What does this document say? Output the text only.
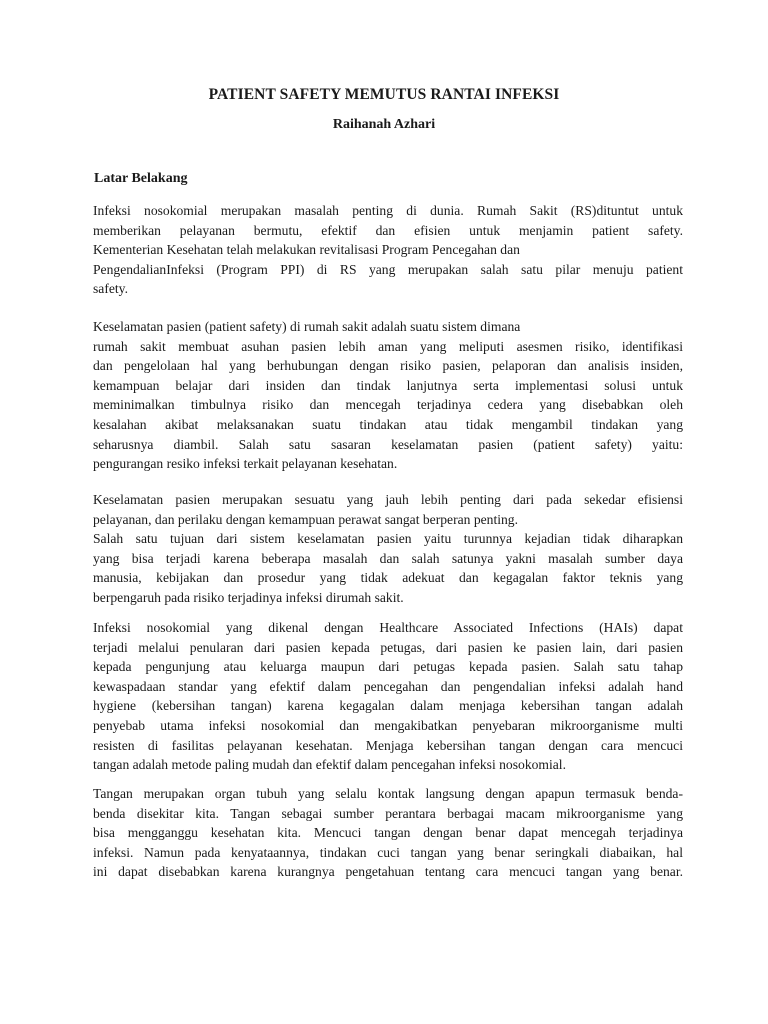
PATIENT SAFETY MEMUTUS RANTAI INFEKSI

Raihanah Azhari

Latar Belakang
Infeksi nosokomial merupakan masalah penting di dunia. Rumah Sakit (RS)dituntut untuk
memberikan pelayanan bermutu, efektif dan efisien untuk menjamin patient safety.
Kementerian Kesehatan telah melakukan revitalisasi Program Pencegahan dan
PengendalianInfeksi (Program PPI) di RS yang merupakan salah satu pilar menuju patient
safety.
Keselamatan pasien (patient safety) di rumah sakit adalah suatu sistem dimana
rumah sakit membuat asuhan pasien lebih aman yang meliputi asesmen risiko, identifikasi
dan pengelolaan hal yang berhubungan dengan risiko pasien, pelaporan dan analisis insiden,
kemampuan belajar dari insiden dan tindak lanjutnya serta implementasi solusi untuk
meminimalkan timbulnya risiko dan mencegah terjadinya cedera yang disebabkan oleh
kesalahan akibat melaksanakan suatu tindakan atau tidak mengambil tindakan yang
seharusnya diambil. Salah satu sasaran keselamatan pasien (patient safety) yaitu:
pengurangan resiko infeksi terkait pelayanan kesehatan.
Keselamatan pasien merupakan sesuatu yang jauh lebih penting dari pada sekedar efisiensi
pelayanan, dan perilaku dengan kemampuan perawat sangat berperan penting.
Salah satu tujuan dari sistem keselamatan pasien yaitu turunnya kejadian tidak diharapkan
yang bisa terjadi karena beberapa masalah dan salah satunya yakni masalah sumber daya
manusia, kebijakan dan prosedur yang tidak adekuat dan kegagalan faktor teknis yang
berpengaruh pada risiko terjadinya infeksi dirumah sakit.
Infeksi nosokomial yang dikenal dengan Healthcare Associated Infections (HAIs) dapat
terjadi melalui penularan dari pasien kepada petugas, dari pasien ke pasien lain, dari pasien
kepada pengunjung atau keluarga maupun dari petugas kepada pasien. Salah satu tahap
kewaspadaan standar yang efektif dalam pencegahan dan pengendalian infeksi adalah hand
hygiene (kebersihan tangan) karena kegagalan dalam menjaga kebersihan tangan adalah
penyebab utama infeksi nosokomial dan mengakibatkan penyebaran mikroorganisme multi
resisten di fasilitas pelayanan kesehatan. Menjaga kebersihan tangan dengan cara mencuci
tangan adalah metode paling mudah dan efektif dalam pencegahan infeksi nosokomial.
Tangan merupakan organ tubuh yang selalu kontak langsung dengan apapun termasuk benda-
benda disekitar kita. Tangan sebagai sumber perantara berbagai macam mikroorganisme yang
bisa mengganggu kesehatan kita. Mencuci tangan dengan benar dapat mencegah terjadinya
infeksi. Namun pada kenyataannya, tindakan cuci tangan yang benar seringkali diabaikan, hal
ini dapat disebabkan karena kurangnya pengetahuan tentang cara mencuci tangan yang benar.
